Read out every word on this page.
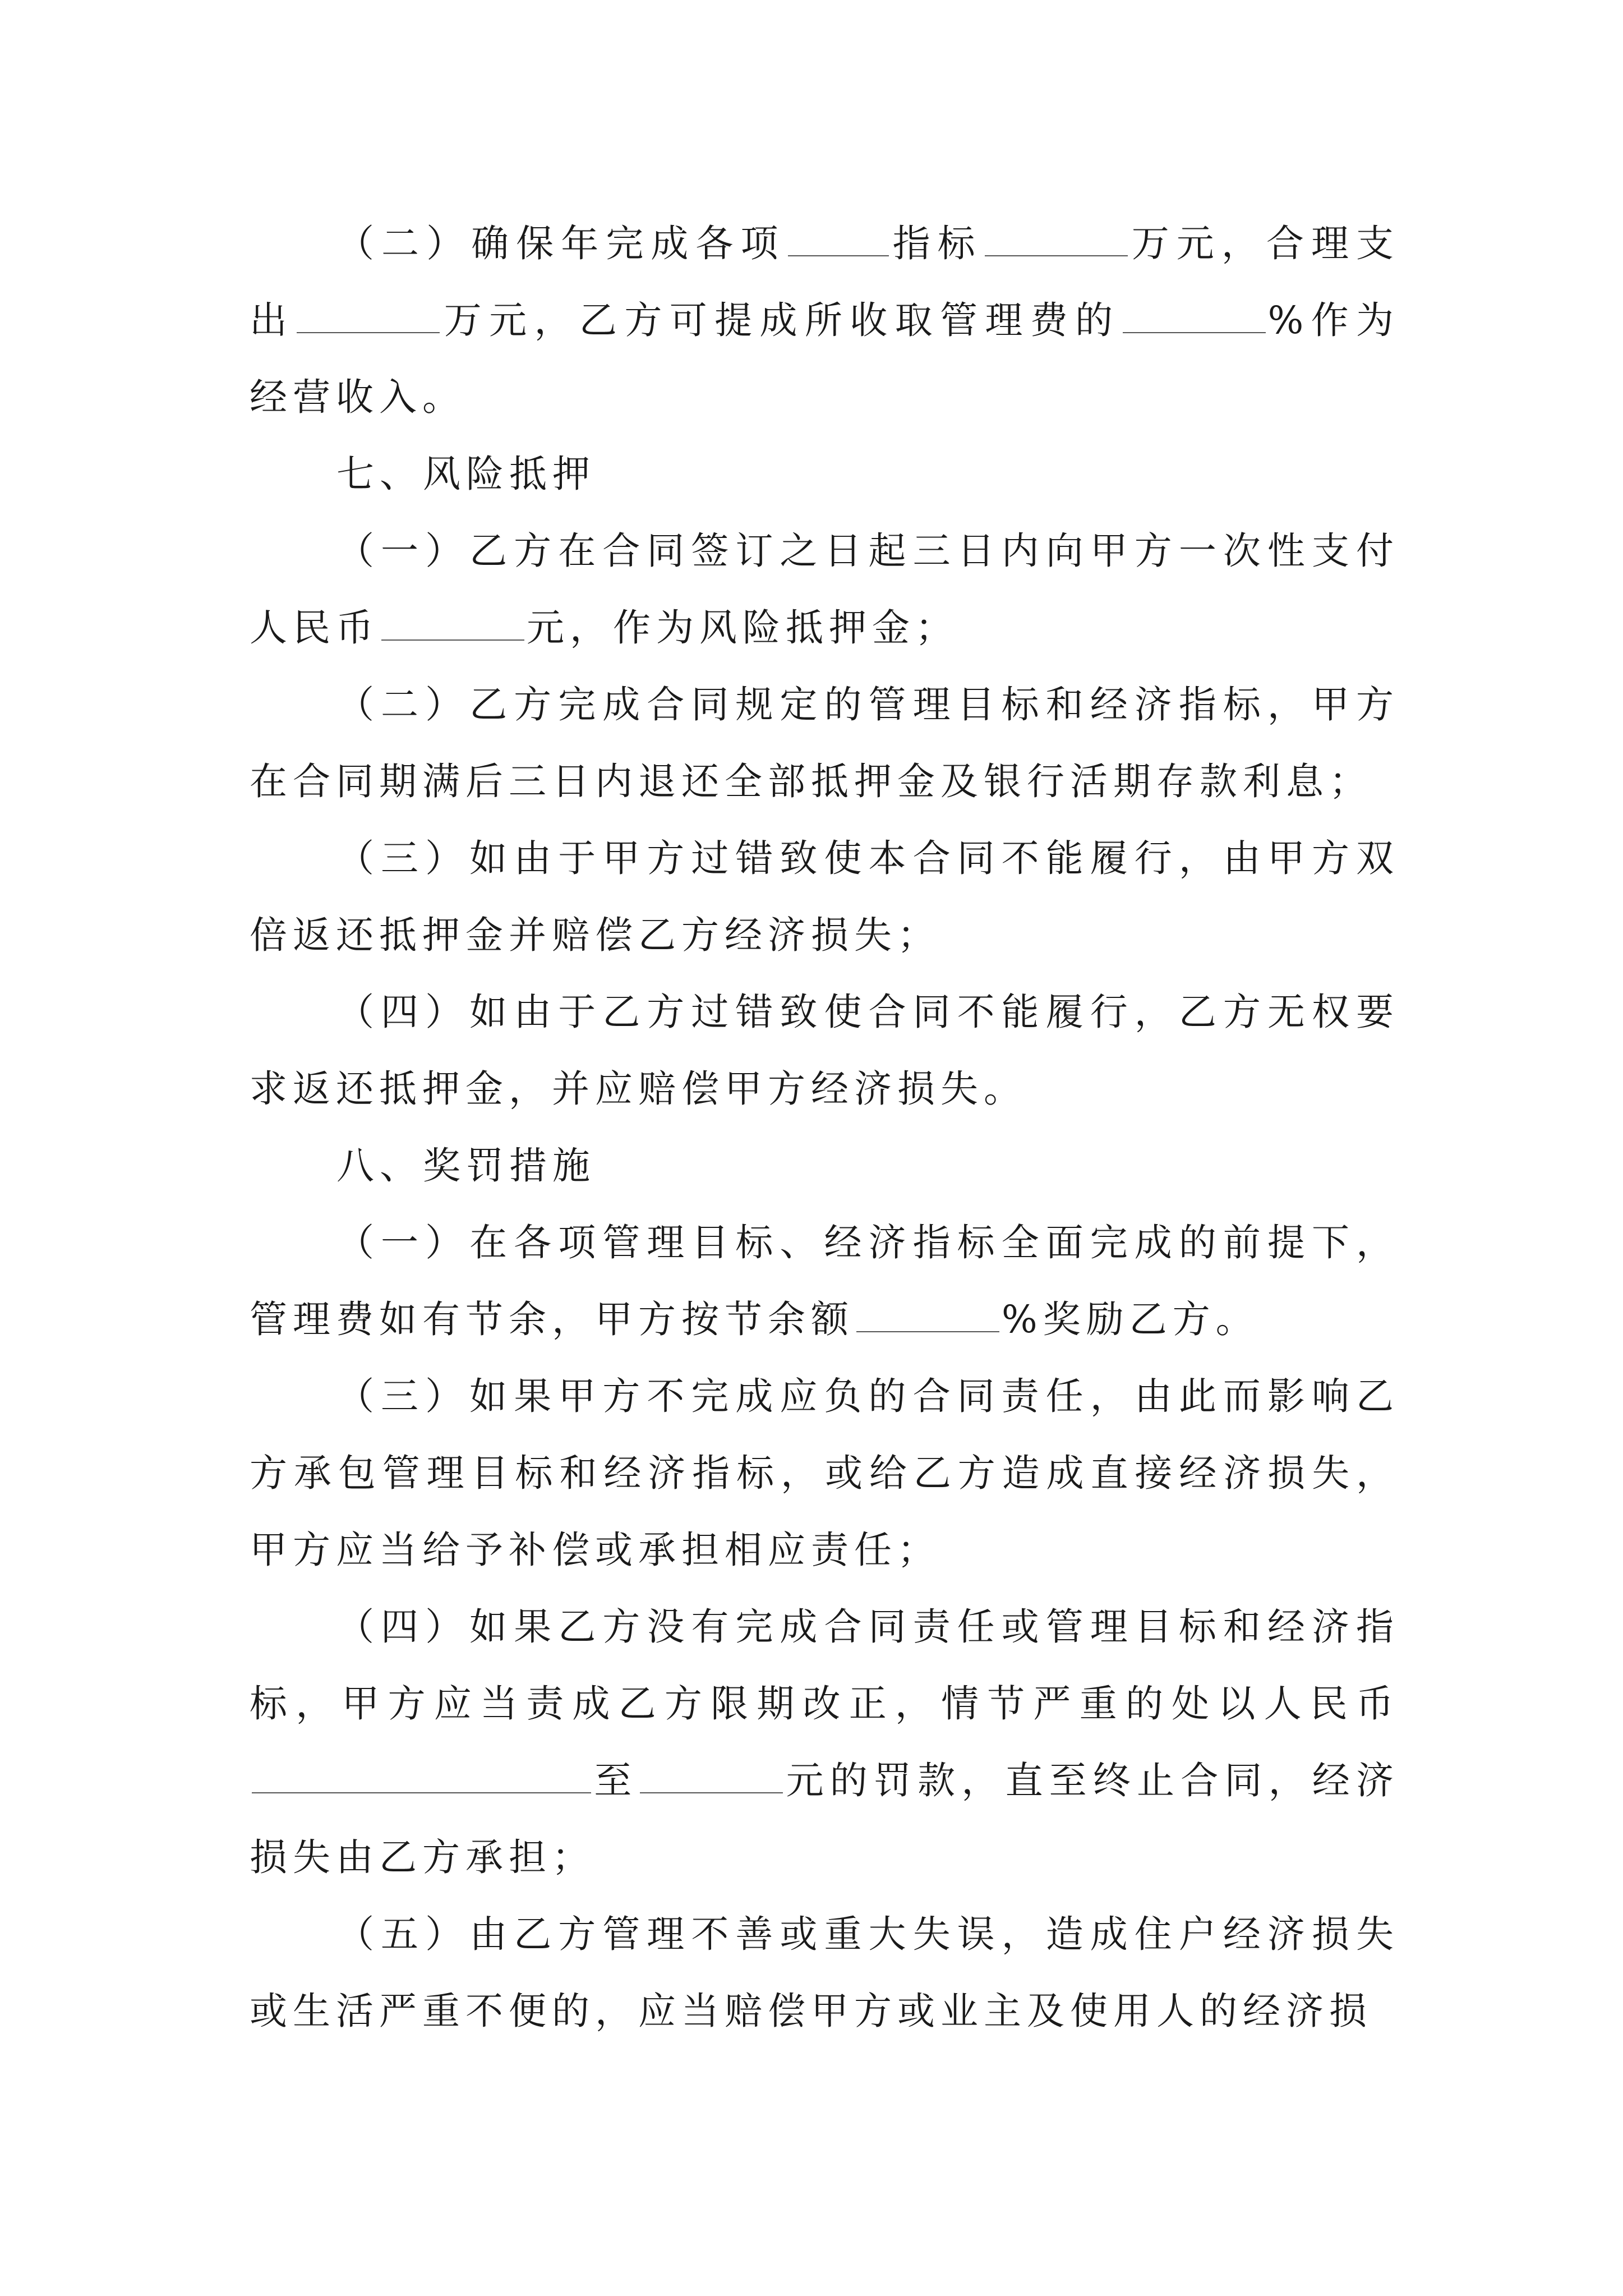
（二）确保年完成各项	指标	万元，合理支出	万元，乙方可提成所收取管理费的	%作为经营收入。

七、风险抵押

（一）乙方在合同签订之日起三日内向甲方一次性支付人民币	元，作为风险抵押金；

（二）乙方完成合同规定的管理目标和经济指标，甲方在合同期满后三日内退还全部抵押金及银行活期存款利息；

（三）如由于甲方过错致使本合同不能履行，由甲方双倍返还抵押金并赔偿乙方经济损失；

（四）如由于乙方过错致使合同不能履行，乙方无权要求返还抵押金，并应赔偿甲方经济损失。

八、奖罚措施

（一）在各项管理目标、经济指标全面完成的前提下，管理费如有节余，甲方按节余额	%奖励乙方。

（三）如果甲方不完成应负的合同责任，由此而影响乙方承包管理目标和经济指标，或给乙方造成直接经济损失，甲方应当给予补偿或承担相应责任；

（四）如果乙方没有完成合同责任或管理目标和经济指标，甲方应当责成乙方限期改正，情节严重的处以人民币至	元的罚款，直至终止合同，经济损失由乙方承担；

（五）由乙方管理不善或重大失误，造成住户经济损失或生活严重不便的，应当赔偿甲方或业主及使用人的经济损
